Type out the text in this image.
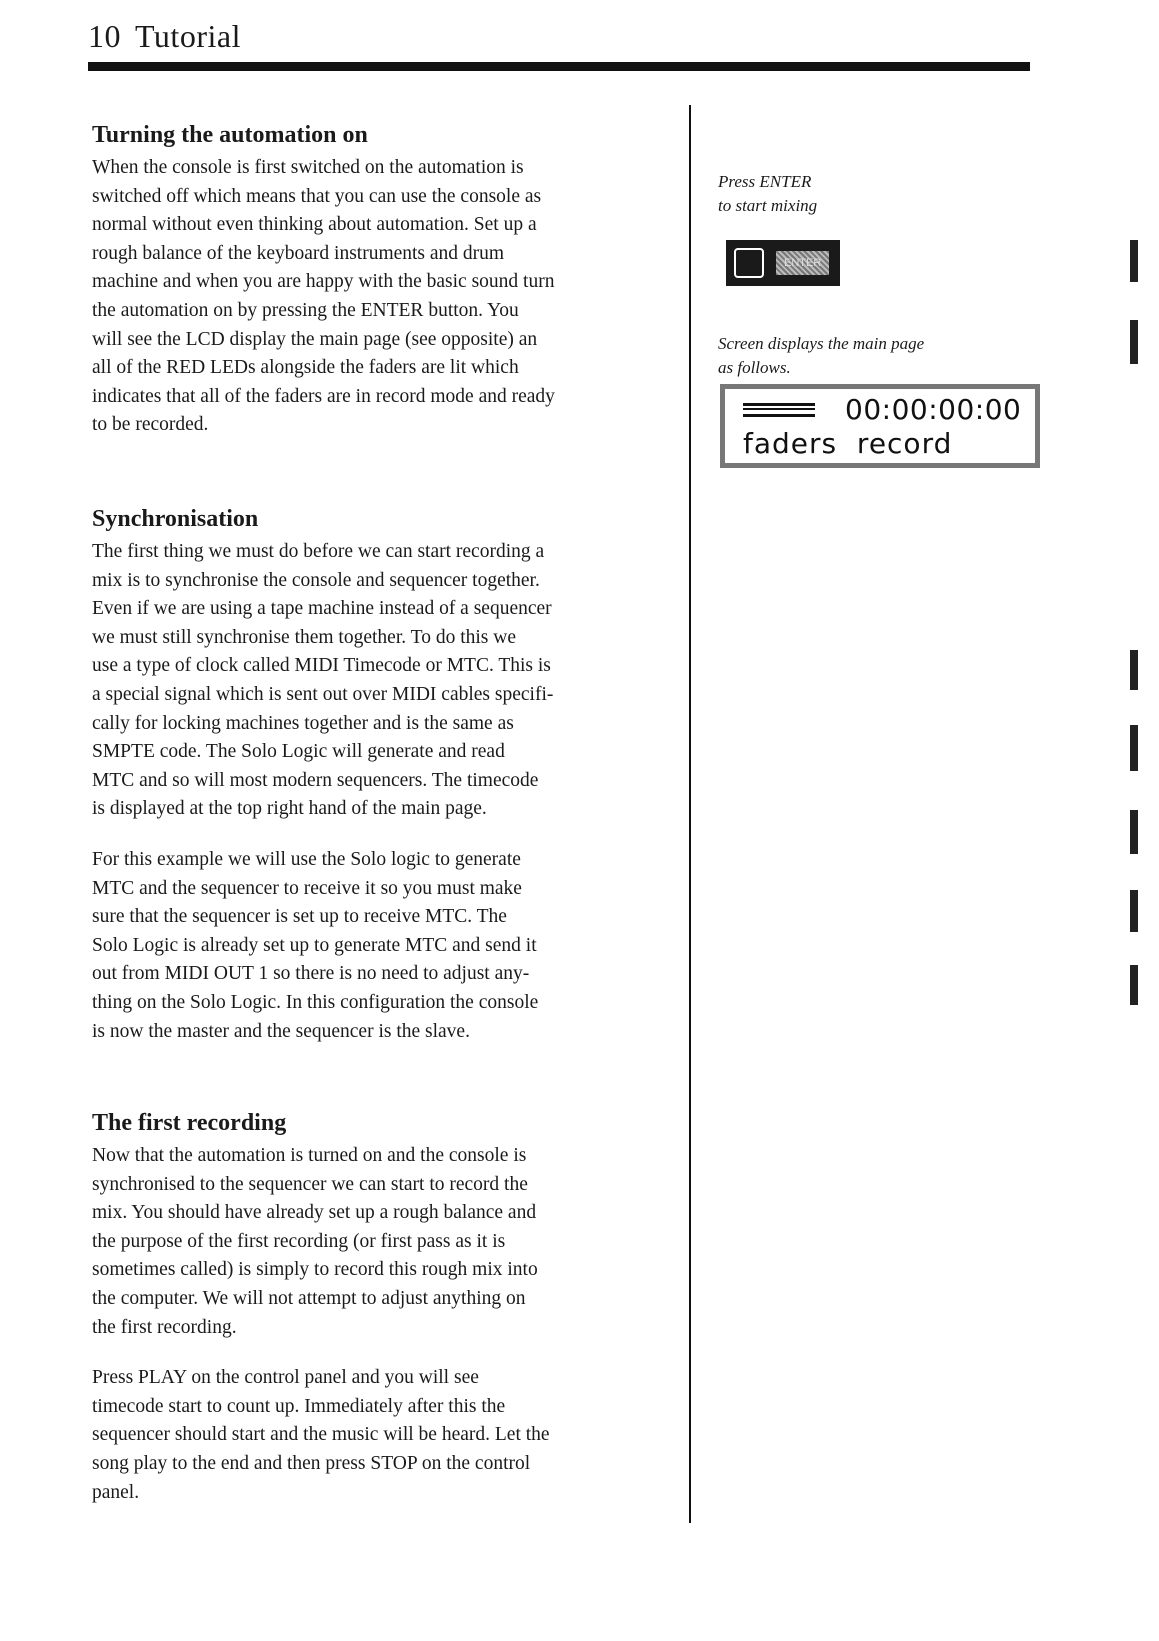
10 Tutorial
Turning the automation on

When the console is first switched on the automation is
switched off which means that you can use the console as
normal without even thinking about automation. Set up a
rough balance of the keyboard instruments and drum
machine and when you are happy with the basic sound turn
the automation on by pressing the ENTER button. You
will see the LCD display the main page (see opposite) an
all of the RED LEDs alongside the faders are lit which
indicates that all of the faders are in record mode and ready
to be recorded.

Synchronisation

The first thing we must do before we can start recording a
mix is to synchronise the console and sequencer together.
Even if we are using a tape machine instead of a sequencer
we must still synchronise them together. To do this we
use a type of clock called MIDI Timecode or MTC. This is
a special signal which is sent out over MIDI cables specifi-
cally for locking machines together and is the same as
SMPTE code. The Solo Logic will generate and read
MTC and so will most modern sequencers. The timecode
is displayed at the top right hand of the main page.

For this example we will use the Solo logic to generate
MTC and the sequencer to receive it so you must make
sure that the sequencer is set up to receive MTC. The
Solo Logic is already set up to generate MTC and send it
out from MIDI OUT 1 so there is no need to adjust any-
thing on the Solo Logic. In this configuration the console
is now the master and the sequencer is the slave.

The first recording

Now that the automation is turned on and the console is
synchronised to the sequencer we can start to record the
mix. You should have already set up a rough balance and
the purpose of the first recording (or first pass as it is
sometimes called) is simply to record this rough mix into
the computer. We will not attempt to adjust anything on
the first recording.

Press PLAY on the control panel and you will see
timecode start to count up. Immediately after this the
sequencer should start and the music will be heard. Let the
song play to the end and then press STOP on the control
panel.

Press ENTER
to start mixing

ENTER

Screen displays the main page
as follows.

00:00:00:00
faders  record
